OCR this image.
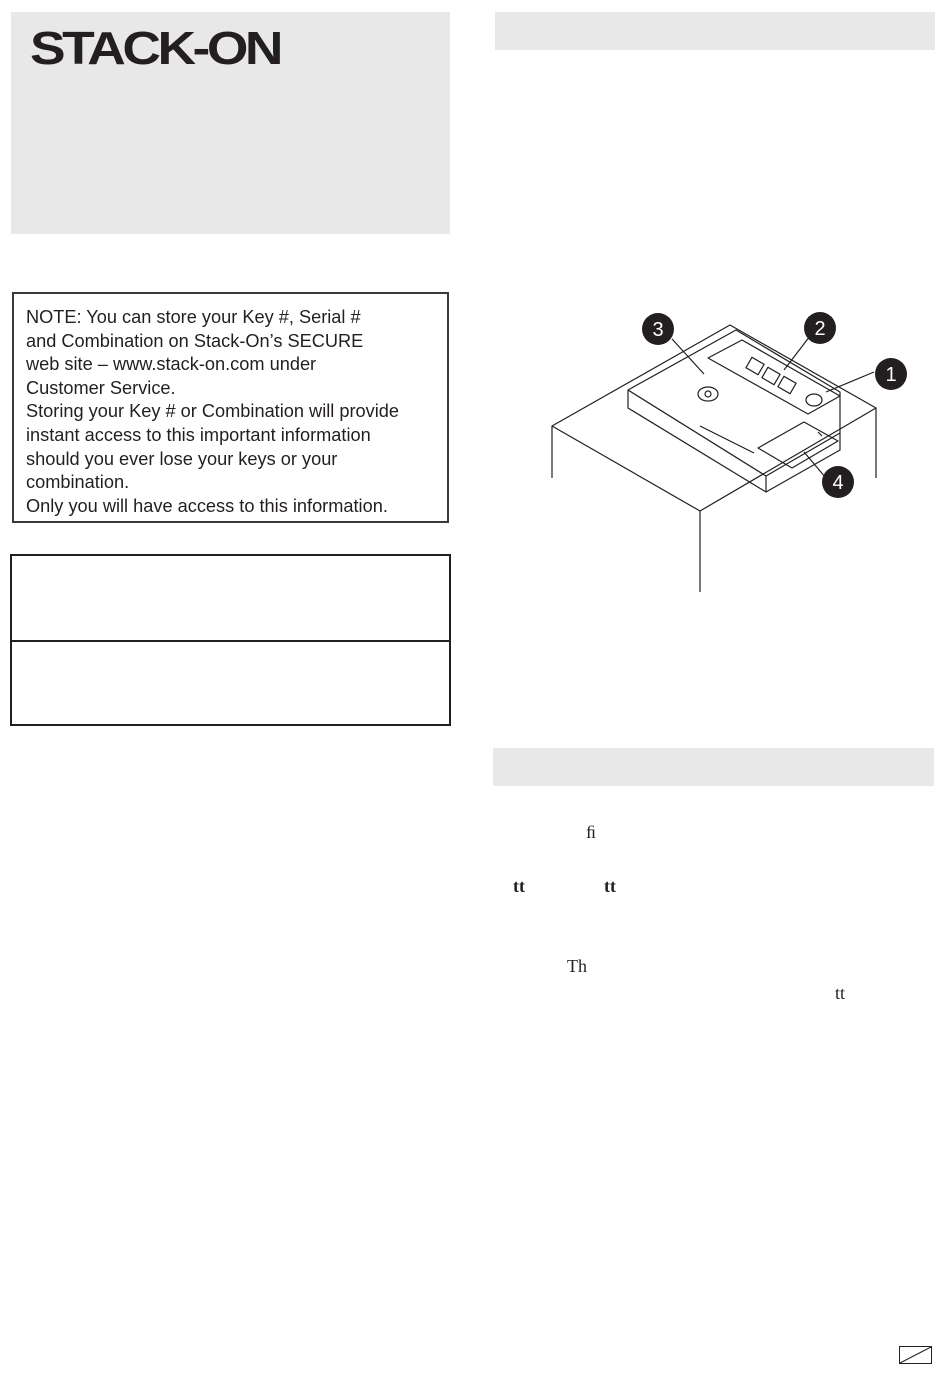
STACK-ON

NOTE: You can store your Key #, Serial #

and Combination on Stack-On’s SECURE

web site – www.stack-on.com under

Customer Service.

Storing your Key # or Combination will provide

instant access to this important information

should you ever lose your keys or your

combination.

Only you will have access to this information.

3	2
1
4
ﬁ
tt	tt
Th
tt
